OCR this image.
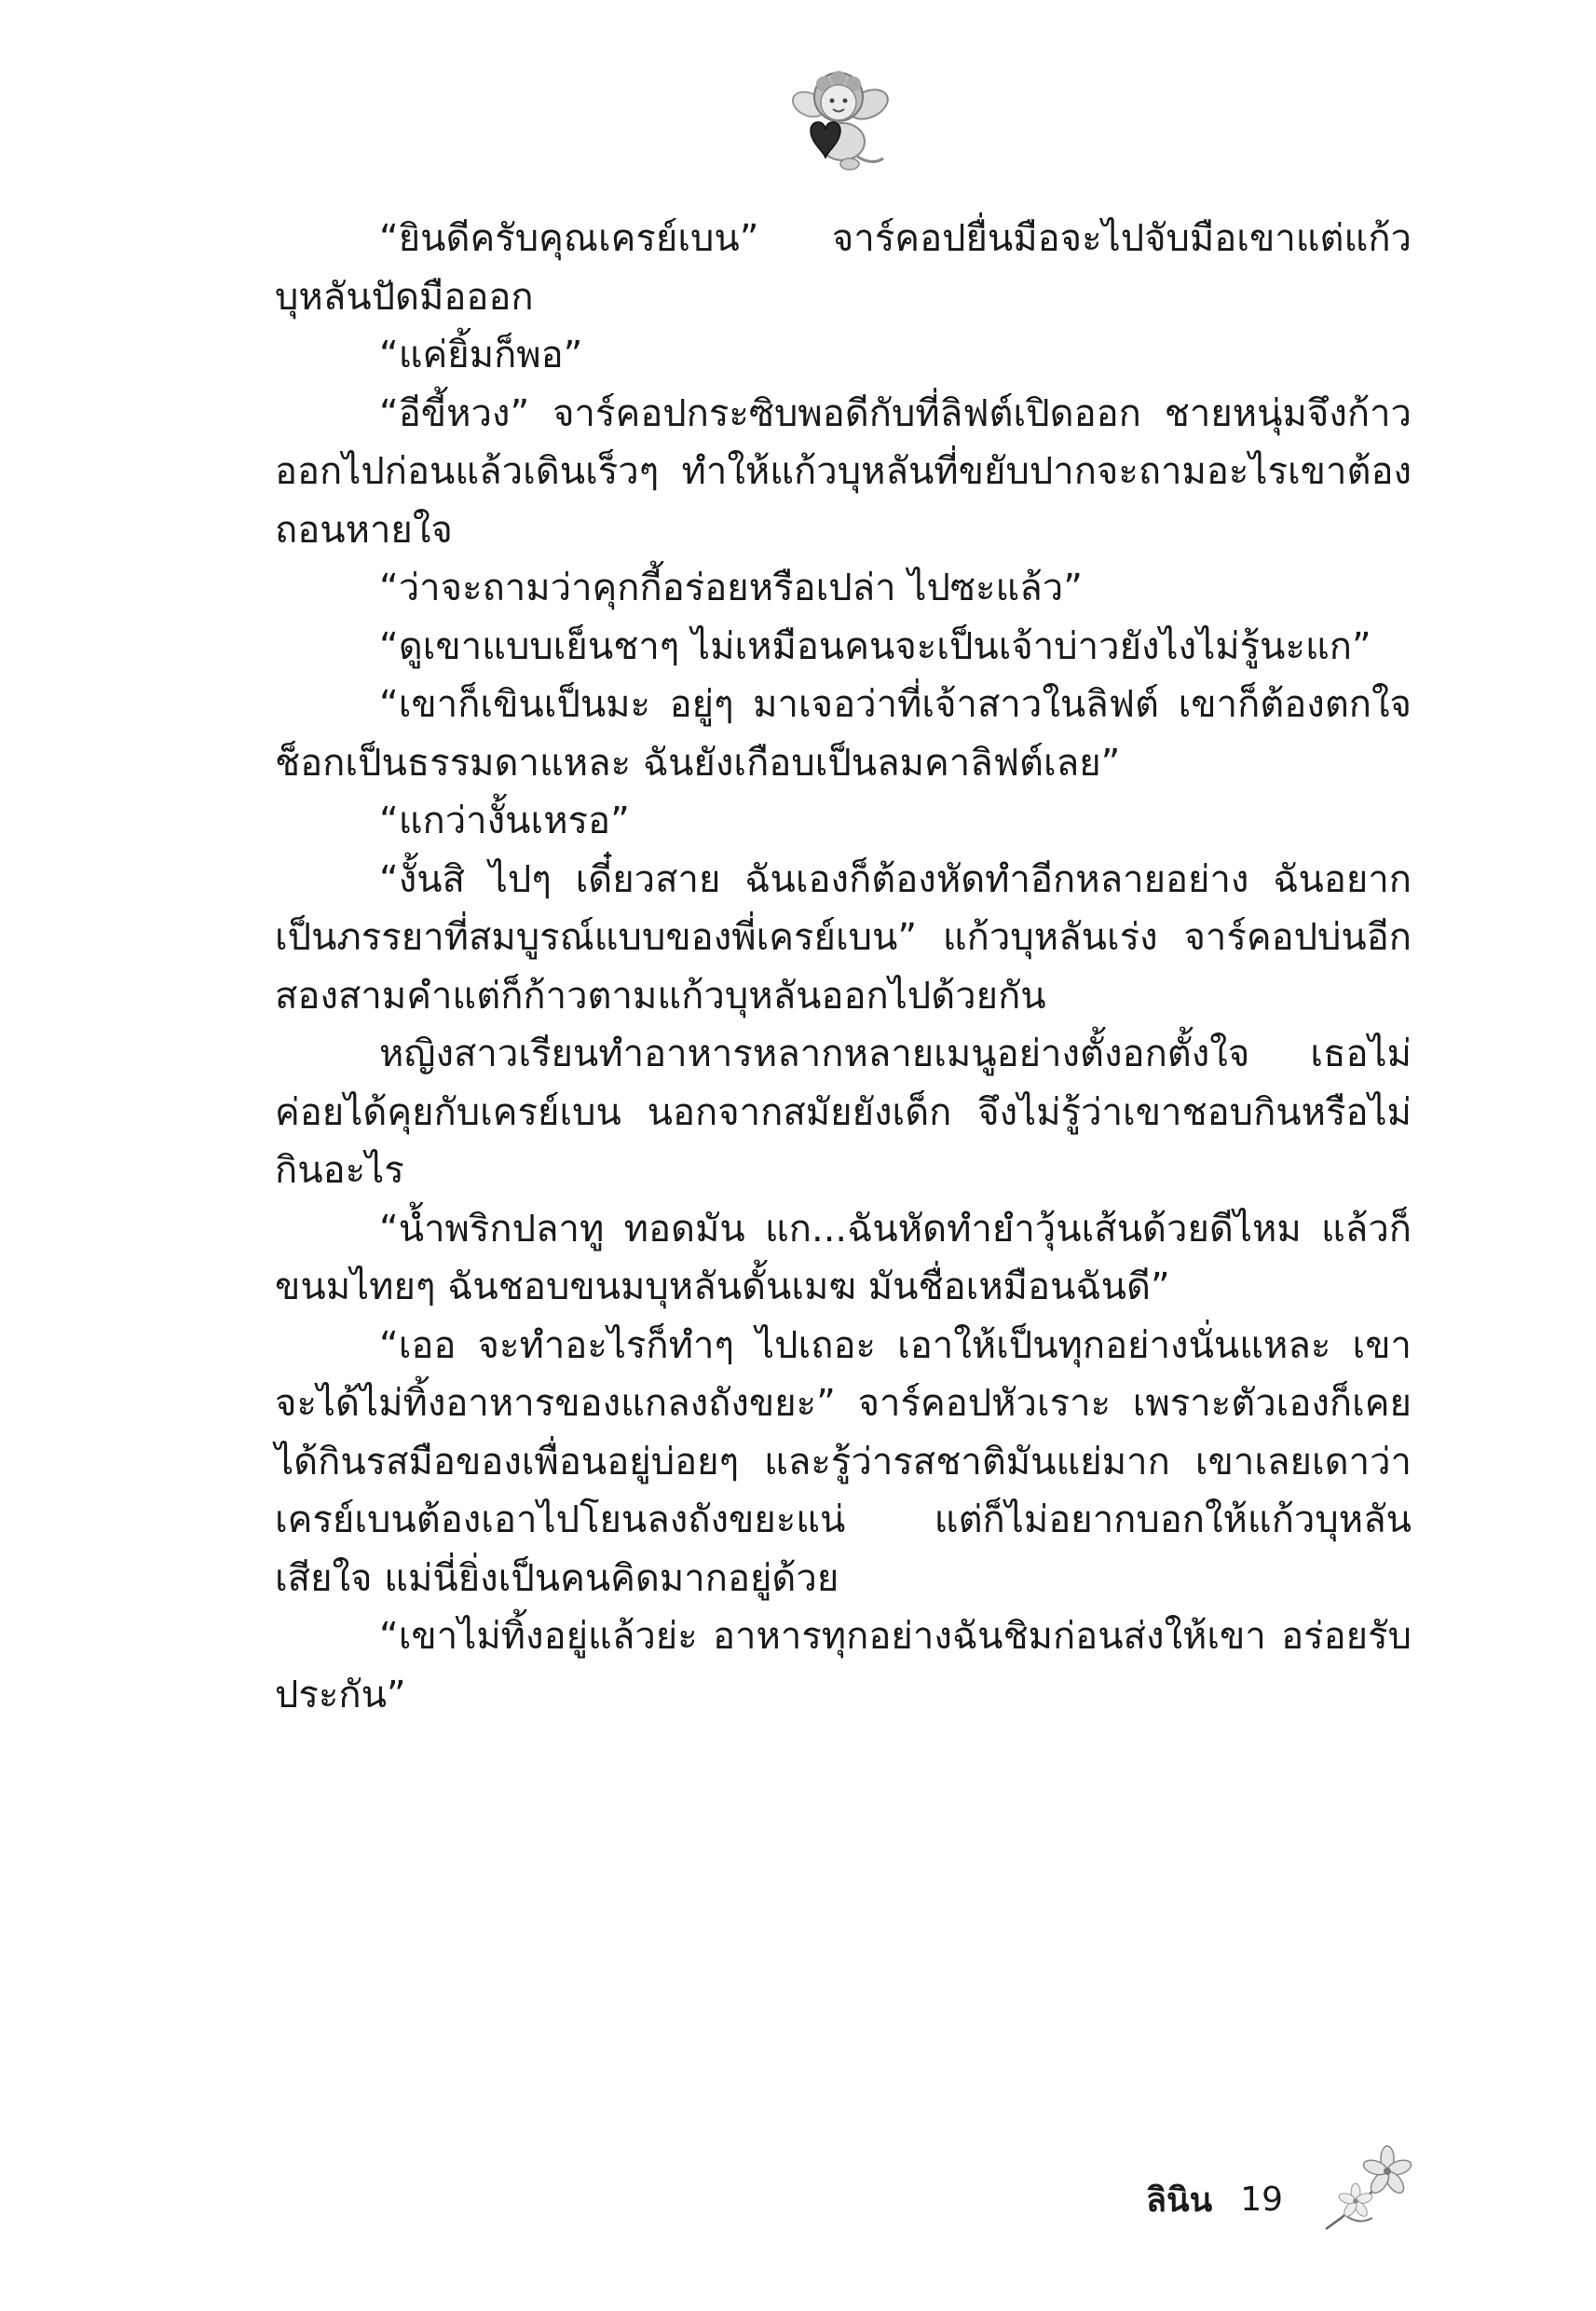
“ยินดีครับคุณเครย์เบน” จาร์คอปยื่นมือจะไปจับมือเขาแต่แก้วบุหลันปัดมือออก

“แค่ยิ้มก็พอ”

“อีขี้หวง” จาร์คอปกระซิบพอดีกับที่ลิฟต์เปิดออก ชายหนุ่มจึงก้าวออกไปก่อนแล้วเดินเร็วๆ ทำให้แก้วบุหลันที่ขยับปากจะถามอะไรเขาต้องถอนหายใจ

“ว่าจะถามว่าคุกกี้อร่อยหรือเปล่า ไปซะแล้ว”

“ดูเขาแบบเย็นชาๆ ไม่เหมือนคนจะเป็นเจ้าบ่าวยังไงไม่รู้นะแก”

“เขาก็เขินเป็นมะ อยู่ๆ มาเจอว่าที่เจ้าสาวในลิฟต์ เขาก็ต้องตกใจช็อกเป็นธรรมดาแหละ ฉันยังเกือบเป็นลมคาลิฟต์เลย”

“แกว่างั้นเหรอ”

“งั้นสิ ไปๆ เดี๋ยวสาย ฉันเองก็ต้องหัดทำอีกหลายอย่าง ฉันอยากเป็นภรรยาที่สมบูรณ์แบบของพี่เครย์เบน” แก้วบุหลันเร่ง จาร์คอปบ่นอีกสองสามคำแต่ก็ก้าวตามแก้วบุหลันออกไปด้วยกัน

หญิงสาวเรียนทำอาหารหลากหลายเมนูอย่างตั้งอกตั้งใจ เธอไม่ค่อยได้คุยกับเครย์เบน นอกจากสมัยยังเด็ก จึงไม่รู้ว่าเขาชอบกินหรือไม่กินอะไร

“น้ำพริกปลาทู ทอดมัน แก...ฉันหัดทำยำวุ้นเส้นด้วยดีไหม แล้วก็ขนมไทยๆ ฉันชอบขนมบุหลันดั้นเมฆ มันชื่อเหมือนฉันดี”

“เออ จะทำอะไรก็ทำๆ ไปเถอะ เอาให้เป็นทุกอย่างนั่นแหละ เขาจะได้ไม่ทิ้งอาหารของแกลงถังขยะ” จาร์คอปหัวเราะ เพราะตัวเองก็เคยได้กินรสมือของเพื่อนอยู่บ่อยๆ และรู้ว่ารสชาติมันแย่มาก เขาเลยเดาว่าเครย์เบนต้องเอาไปโยนลงถังขยะแน่ แต่ก็ไม่อยากบอกให้แก้วบุหลันเสียใจ แม่นี่ยิ่งเป็นคนคิดมากอยู่ด้วย

“เขาไม่ทิ้งอยู่แล้วย่ะ อาหารทุกอย่างฉันชิมก่อนส่งให้เขา อร่อยรับประกัน”

ลินิน 19
